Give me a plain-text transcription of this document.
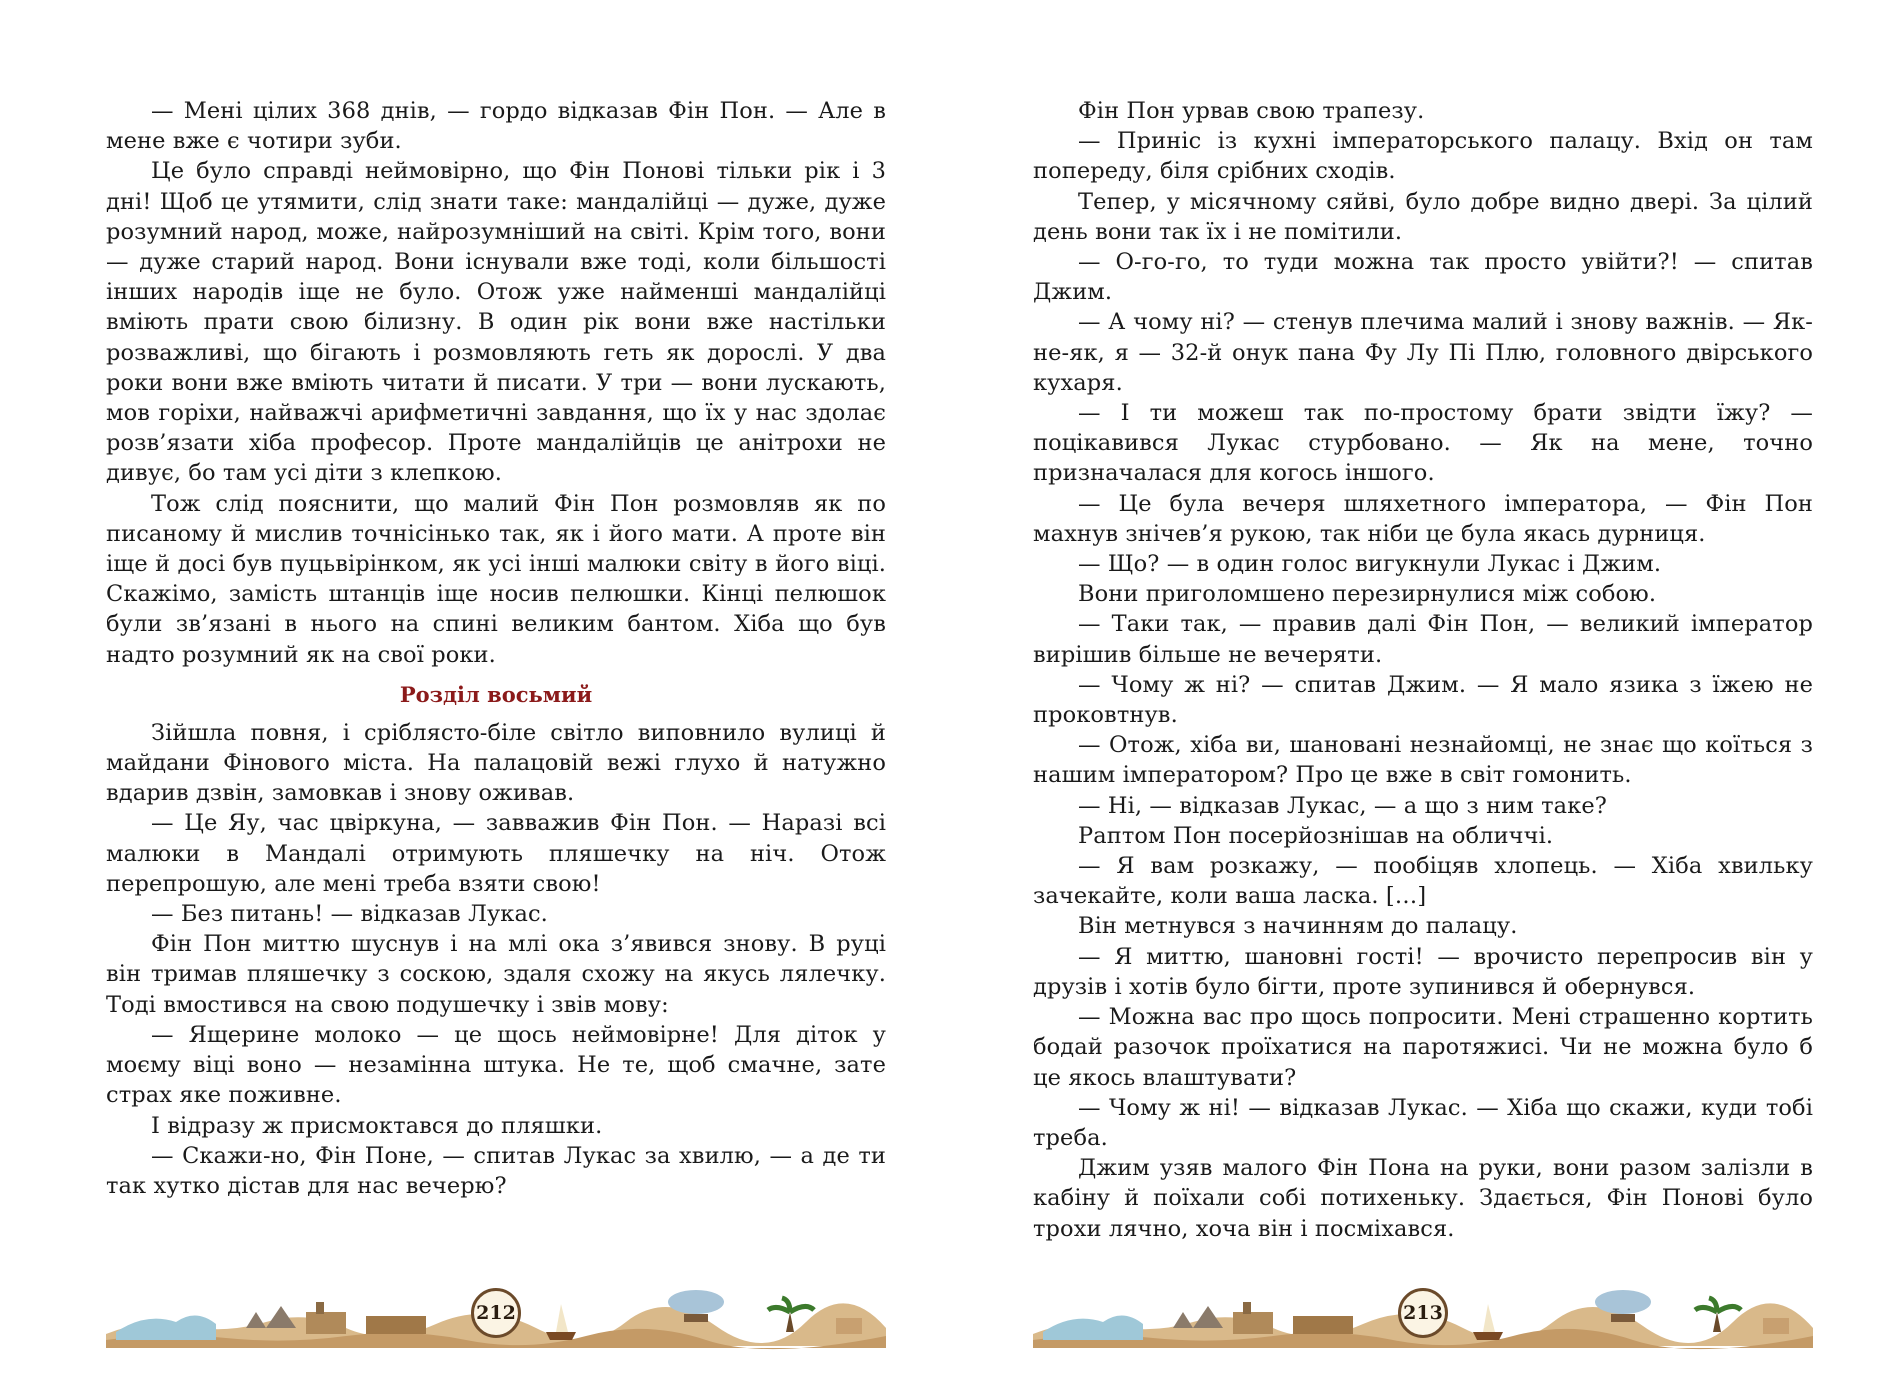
— Мені цілих 368 днів, — гордо відказав Фін Пон. — Але в мене вже є чотири зуби.

Це було справді неймовірно, що Фін Понові тільки рік і 3 дні! Щоб це утямити, слід знати таке: мандалійці — дуже, дуже розумний народ, може, найрозумніший на світі. Крім того, вони — дуже старий народ. Вони існували вже тоді, коли більшості інших народів іще не було. Отож уже найменші мандалійці вміють прати свою білизну. В один рік вони вже настільки розважливі, що бігають і розмовляють геть як дорослі. У два роки вони вже вміють читати й писати. У три — вони лускають, мов горіхи, найважчі арифметичні завдання, що їх у нас здолає розв’язати хіба професор. Проте мандалійців це анітрохи не дивує, бо там усі діти з клепкою.

Тож слід пояснити, що малий Фін Пон розмовляв як по писаному й мислив точнісінько так, як і його мати. А проте він іще й досі був пуцьвірінком, як усі інші малюки світу в його віці. Скажімо, замість штанців іще носив пелюшки. Кінці пелюшок були зв’язані в нього на спині великим бантом. Хіба що був надто розумний як на свої роки.

Розділ восьмий

Зійшла повня, і сріблясто-біле світло виповнило вулиці й майдани Фінового міста. На палацовій вежі глухо й натужно вдарив дзвін, замовкав і знову оживав.

— Це Яу, час цвіркуна, — завважив Фін Пон. — Наразі всі малюки в Мандалі отримують пляшечку на ніч. Отож перепрошую, але мені треба взяти свою!

— Без питань! — відказав Лукас.

Фін Пон миттю шуснув і на млі ока з’явився знову. В руці він тримав пляшечку з соскою, здаля схожу на якусь лялечку. Тоді вмостився на свою подушечку і звів мову:

— Ящерине молоко — це щось неймовірне! Для діток у моєму віці воно — незамінна штука. Не те, щоб смачне, зате страх яке поживне.

І відразу ж присмоктався до пляшки.

— Скажи-но, Фін Поне, — спитав Лукас за хвилю, — а де ти так хутко дістав для нас вечерю?

Фін Пон урвав свою трапезу.

— Приніс із кухні імператорського палацу. Вхід он там попереду, біля срібних сходів.

Тепер, у місячному сяйві, було добре видно двері. За цілий день вони так їх і не помітили.

— О-го-го, то туди можна так просто увійти?! — спитав Джим.

— А чому ні? — стенув плечима малий і знову важнів. — Як-не-як, я — 32-й онук пана Фу Лу Пі Плю, головного двірського кухаря.

— І ти можеш так по-простому брати звідти їжу? — поцікавився Лукас стурбовано. — Як на мене, точно призначалася для когось іншого.

— Це була вечеря шляхетного імператора, — Фін Пон махнув знічев’я рукою, так ніби це була якась дурниця.

— Що? — в один голос вигукнули Лукас і Джим.

Вони приголомшено перезирнулися між собою.

— Таки так, — правив далі Фін Пон, — великий імператор вирішив більше не вечеряти.

— Чому ж ні? — спитав Джим. — Я мало язика з їжею не проковтнув.

— Отож, хіба ви, шановані незнайомці, не знає що коїться з нашим імператором? Про це вже в світ гомонить.

— Ні, — відказав Лукас, — а що з ним таке?

Раптом Пон посерйознішав на обличчі.

— Я вам розкажу, — пообіцяв хлопець. — Хіба хвильку зачекайте, коли ваша ласка. […]

Він метнувся з начинням до палацу.

— Я миттю, шановні гості! — врочисто перепросив він у друзів і хотів було бігти, проте зупинився й обернувся.

— Можна вас про щось попросити. Мені страшенно кортить бодай разочок проїхатися на паротяжисі. Чи не можна було б це якось влаштувати?

— Чому ж ні! — відказав Лукас. — Хіба що скажи, куди тобі треба.

Джим узяв малого Фін Пона на руки, вони разом залізли в кабіну й поїхали собі потихеньку. Здається, Фін Понові було трохи лячно, хоча він і посміхався.

212	213
